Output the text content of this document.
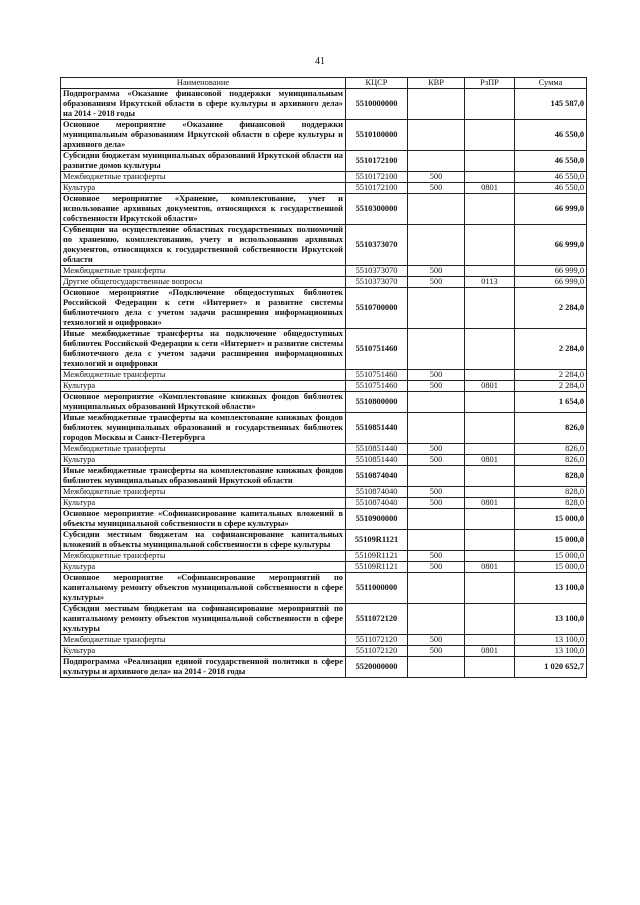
41
Наименование	КЦСР	КВР	РзПР	Сумма
Подпрограмма «Оказание финансовой поддержки муниципальным образованиям Иркутской области в сфере культуры и архивного дела» на 2014 - 2018 годы	5510000000			145 587,0
Основное мероприятие «Оказание финансовой поддержки муниципальным образованиям Иркутской области в сфере культуры и архивного дела»	5510100000			46 550,0
Субсидии бюджетам муниципальных образований Иркутской области на развитие домов культуры	5510172100			46 550,0
Межбюджетные трансферты	5510172100	500		46 550,0
Культура	5510172100	500	0801	46 550,0
Основное мероприятие «Хранение, комплектование, учет и использование архивных документов, относящихся к государственной собственности Иркутской области»	5510300000			66 999,0
Субвенции на осуществление областных государственных полномочий по хранению, комплектованию, учету и использованию архивных документов, относящихся к государственной собственности Иркутской области	5510373070			66 999,0
Межбюджетные трансферты	5510373070	500		66 999,0
Другие общегосударственные вопросы	5510373070	500	0113	66 999,0
Основное мероприятие «Подключение общедоступных библиотек Российской Федерации к сети «Интернет» и развитие системы библиотечного дела с учетом задачи расширения информационных технологий и оцифровки»	5510700000			2 284,0
Иные межбюджетные трансферты на подключение общедоступных библиотек Российской Федерации к сети «Интернет» и развитие системы библиотечного дела с учетом задачи расширения информационных технологий и оцифровки	5510751460			2 284,0
Межбюджетные трансферты	5510751460	500		2 284,0
Культура	5510751460	500	0801	2 284,0
Основное мероприятие «Комплектование книжных фондов библиотек муниципальных образований Иркутской области»	5510800000			1 654,0
Иные межбюджетные трансферты на комплектование книжных фондов библиотек муниципальных образований и государственных библиотек городов Москвы и Санкт-Петербурга	5510851440			826,0
Межбюджетные трансферты	5510851440	500		826,0
Культура	5510851440	500	0801	826,0
Иные межбюджетные трансферты на комплектование книжных фондов библиотек муниципальных образований Иркутской области	5510874040			828,0
Межбюджетные трансферты	5510874040	500		828,0
Культура	5510874040	500	0801	828,0
Основное мероприятие «Софинансирование капитальных вложений в объекты муниципальной собственности в сфере культуры»	5510900000			15 000,0
Субсидии местным бюджетам на софинансирование капитальных вложений в объекты муниципальной собственности в сфере культуры	55109R1121			15 000,0
Межбюджетные трансферты	55109R1121	500		15 000,0
Культура	55109R1121	500	0801	15 000,0
Основное мероприятие «Софинансирование мероприятий по капитальному ремонту объектов муниципальной собственности в сфере культуры»	5511000000			13 100,0
Субсидии местным бюджетам на софинансирование мероприятий по капитальному ремонту объектов муниципальной собственности в сфере культуры	5511072120			13 100,0
Межбюджетные трансферты	5511072120	500		13 100,0
Культура	5511072120	500	0801	13 100,0
Подпрограмма «Реализация единой государственной политики в сфере культуры и архивного дела» на 2014 - 2018 годы	5520000000			1 020 652,7
